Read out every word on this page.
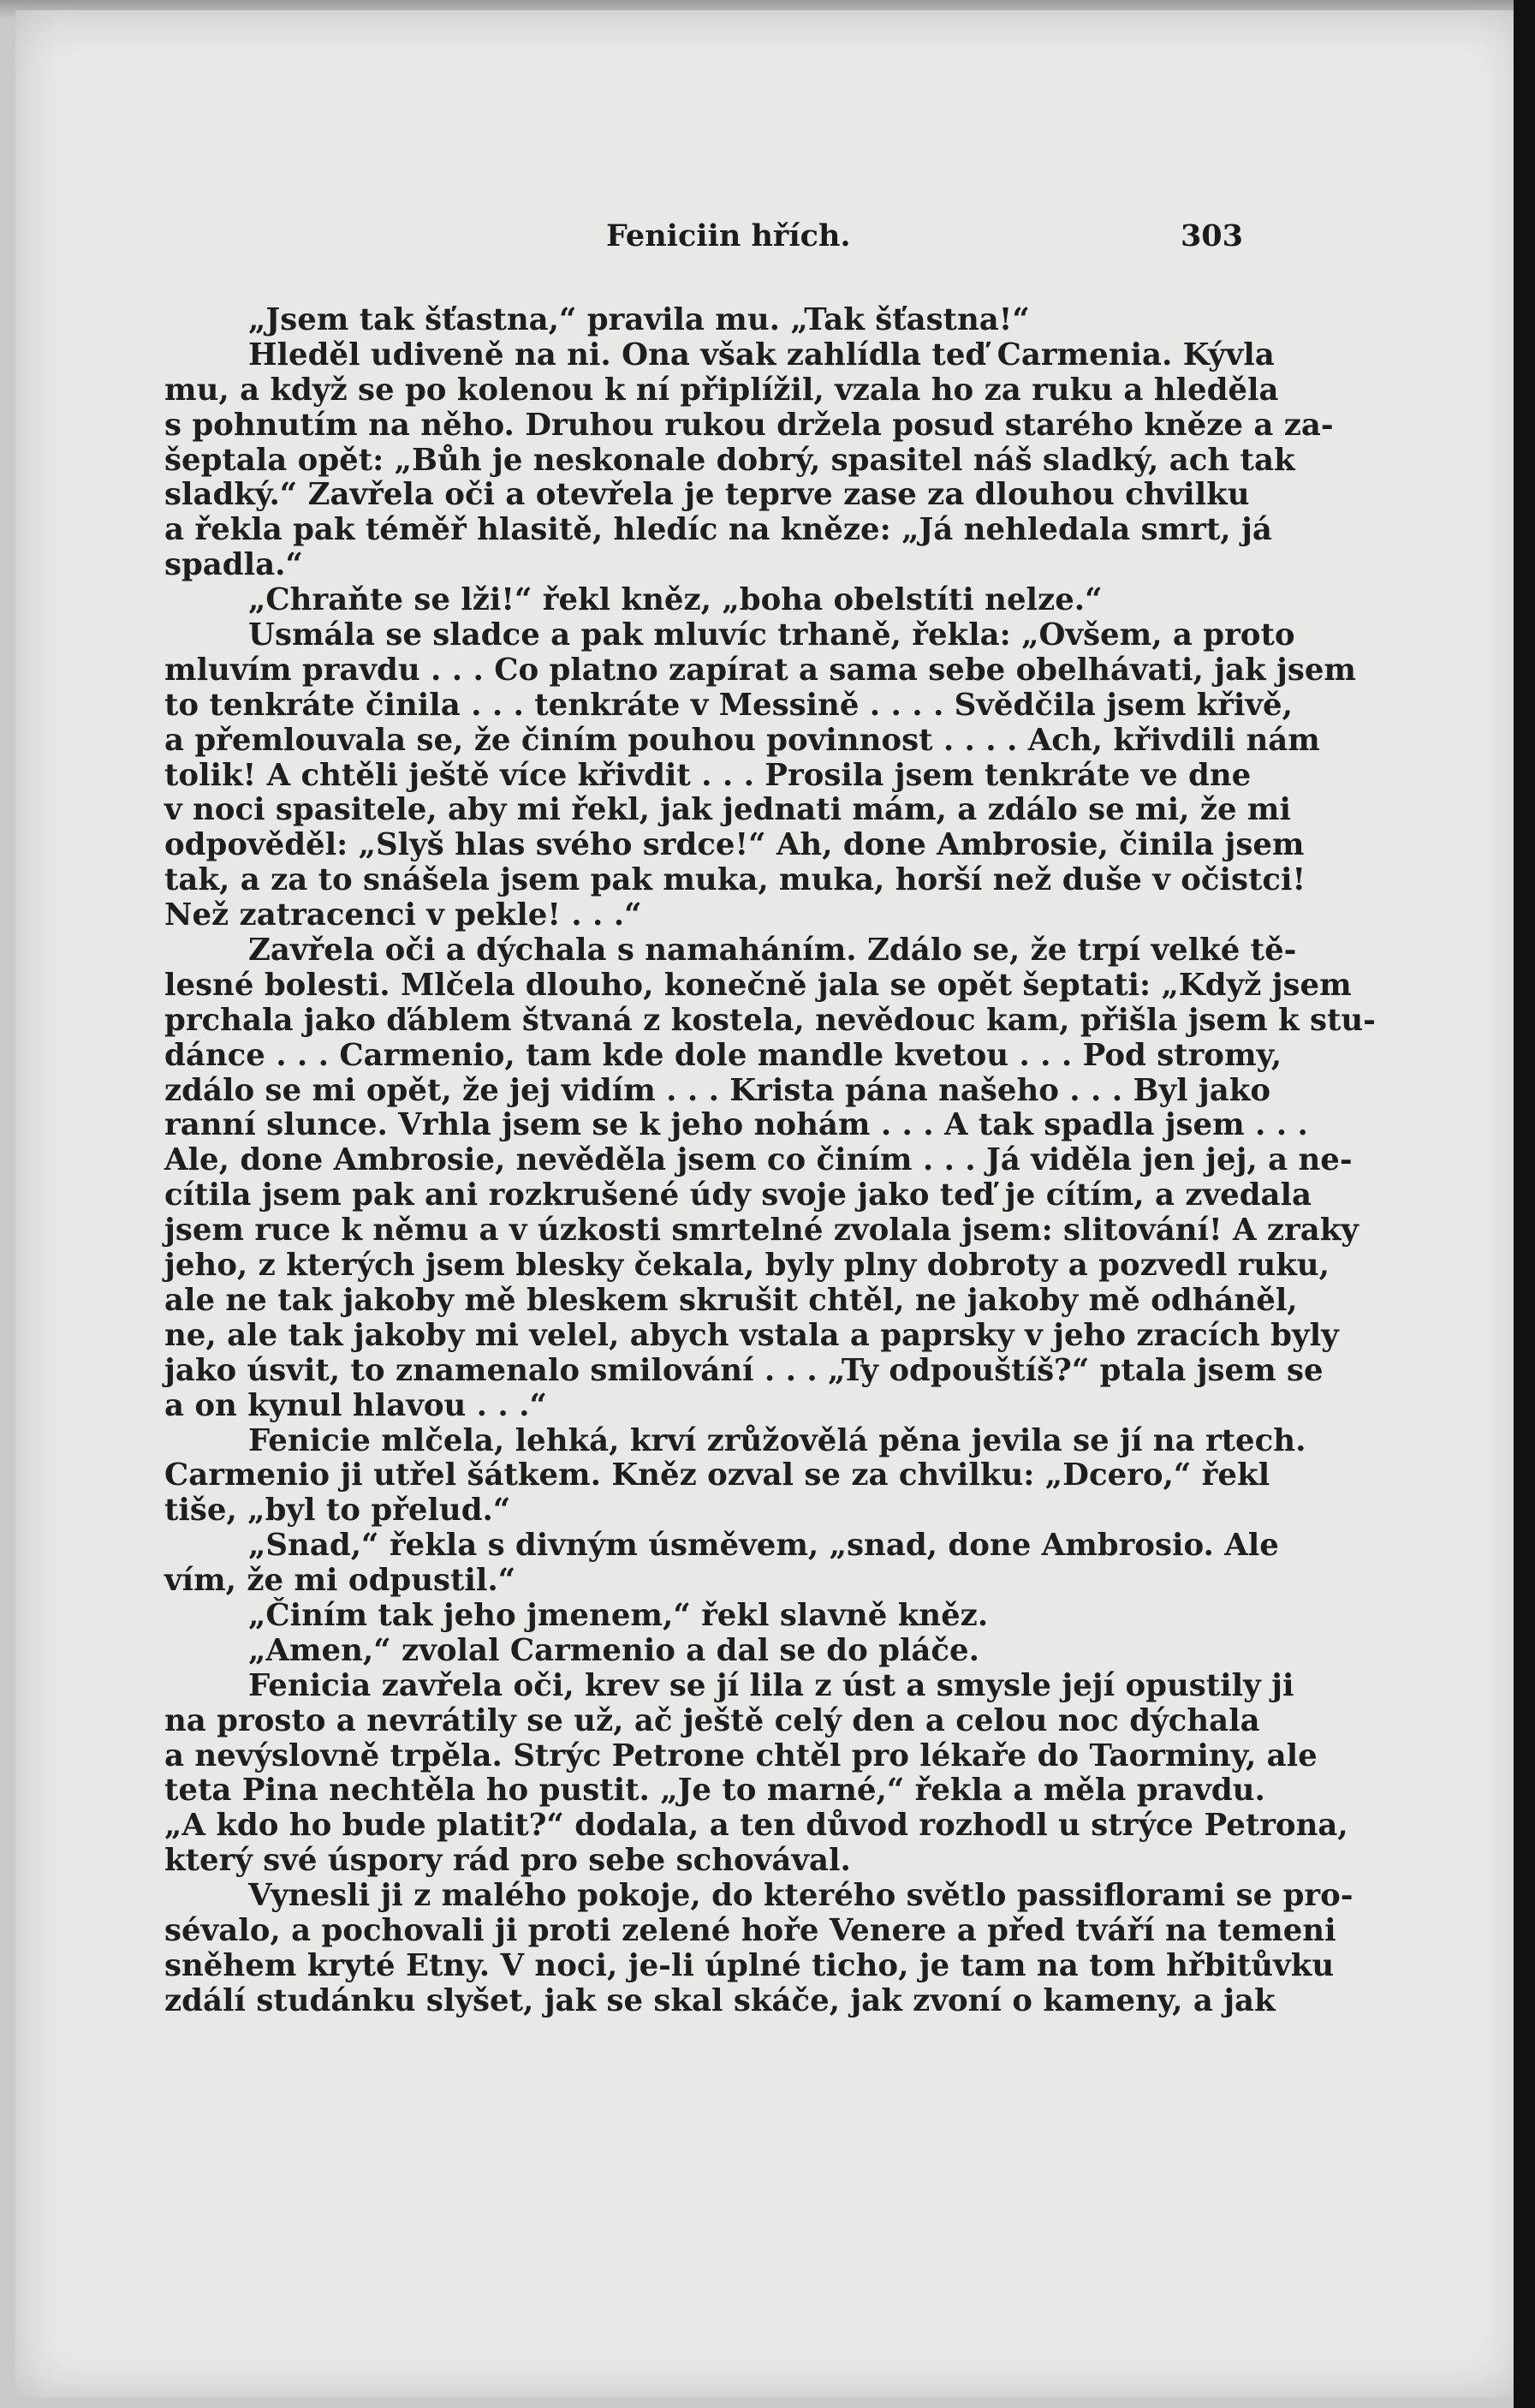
Feniciin hřích.	303
„Jsem tak šťastna,“ pravila mu. „Tak šťastna!“
Hleděl udiveně na ni. Ona však zahlídla teď Carmenia. Kývla
mu, a když se po kolenou k ní připlížil, vzala ho za ruku a hleděla
s pohnutím na něho. Druhou rukou držela posud starého kněze a za-
šeptala opět: „Bůh je neskonale dobrý, spasitel náš sladký, ach tak
sladký.“ Zavřela oči a otevřela je teprve zase za dlouhou chvilku
a řekla pak téměř hlasitě, hledíc na kněze: „Já nehledala smrt, já
spadla.“
„Chraňte se lži!“ řekl kněz, „boha obelstíti nelze.“
Usmála se sladce a pak mluvíc trhaně, řekla: „Ovšem, a proto
mluvím pravdu . . . Co platno zapírat a sama sebe obelhávati, jak jsem
to tenkráte činila . . . tenkráte v Messině . . . . Svědčila jsem křivě,
a přemlouvala se, že činím pouhou povinnost . . . . Ach, křivdili nám
tolik! A chtěli ještě více křivdit . . . Prosila jsem tenkráte ve dne
v noci spasitele, aby mi řekl, jak jednati mám, a zdálo se mi, že mi
odpověděl: „Slyš hlas svého srdce!“ Ah, done Ambrosie, činila jsem
tak, a za to snášela jsem pak muka, muka, horší než duše v očistci!
Než zatracenci v pekle! . . .“
Zavřela oči a dýchala s namaháním. Zdálo se, že trpí velké tě-
lesné bolesti. Mlčela dlouho, konečně jala se opět šeptati: „Když jsem
prchala jako ďáblem štvaná z kostela, nevědouc kam, přišla jsem k stu-
dánce . . . Carmenio, tam kde dole mandle kvetou . . . Pod stromy,
zdálo se mi opět, že jej vidím . . . Krista pána našeho . . . Byl jako
ranní slunce. Vrhla jsem se k jeho nohám . . . A tak spadla jsem . . .
Ale, done Ambrosie, nevěděla jsem co činím . . . Já viděla jen jej, a ne-
cítila jsem pak ani rozkrušené údy svoje jako teď je cítím, a zvedala
jsem ruce k němu a v úzkosti smrtelné zvolala jsem: slitování! A zraky
jeho, z kterých jsem blesky čekala, byly plny dobroty a pozvedl ruku,
ale ne tak jakoby mě bleskem skrušit chtěl, ne jakoby mě odháněl,
ne, ale tak jakoby mi velel, abych vstala a paprsky v jeho zracích byly
jako úsvit, to znamenalo smilování . . . „Ty odpouštíš?“ ptala jsem se
a on kynul hlavou . . .“
Fenicie mlčela, lehká, krví zrůžovělá pěna jevila se jí na rtech.
Carmenio ji utřel šátkem. Kněz ozval se za chvilku: „Dcero,“ řekl
tiše, „byl to přelud.“
„Snad,“ řekla s divným úsměvem, „snad, done Ambrosio. Ale
vím, že mi odpustil.“
„Činím tak jeho jmenem,“ řekl slavně kněz.
„Amen,“ zvolal Carmenio a dal se do pláče.
Fenicia zavřela oči, krev se jí lila z úst a smysle její opustily ji
na prosto a nevrátily se už, ač ještě celý den a celou noc dýchala
a nevýslovně trpěla. Strýc Petrone chtěl pro lékaře do Taorminy, ale
teta Pina nechtěla ho pustit. „Je to marné,“ řekla a měla pravdu.
„A kdo ho bude platit?“ dodala, a ten důvod rozhodl u strýce Petrona,
který své úspory rád pro sebe schovával.
Vynesli ji z malého pokoje, do kterého světlo passiflorami se pro-
sévalo, a pochovali ji proti zelené hoře Venere a před tváří na temeni
sněhem kryté Etny. V noci, je-li úplné ticho, je tam na tom hřbitůvku
zdálí studánku slyšet, jak se skal skáče, jak zvoní o kameny, a jak
